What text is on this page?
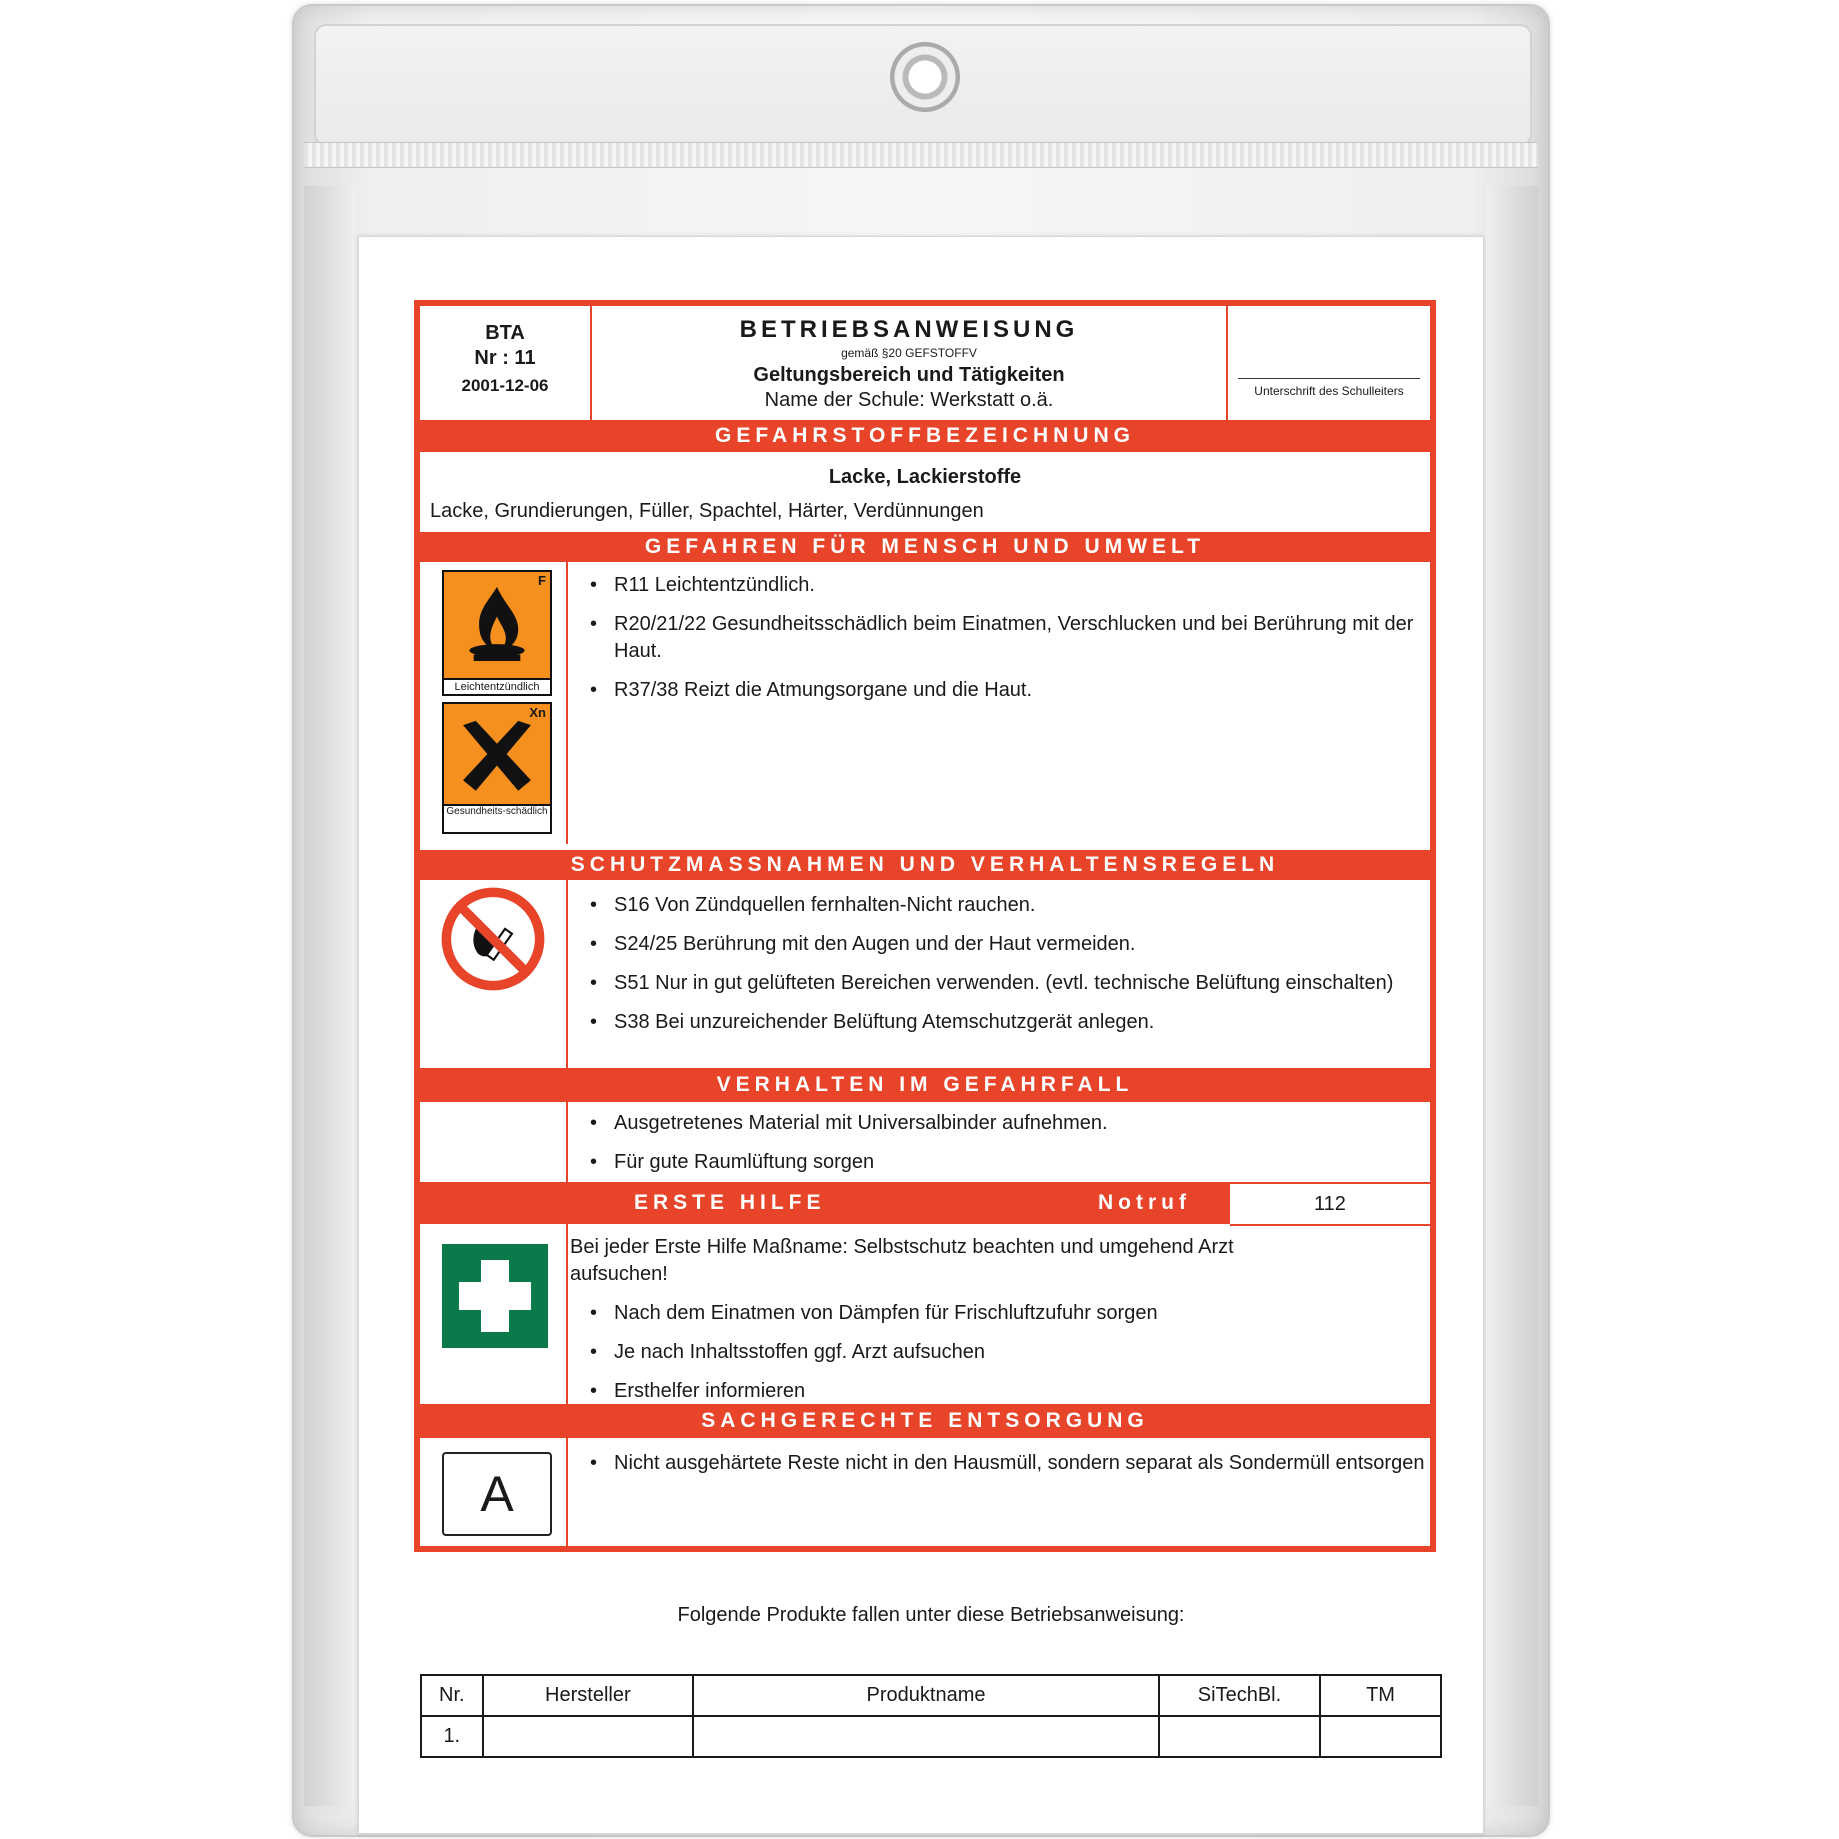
BTA
Nr : 11
2001-12-06
BETRIEBSANWEISUNG
gemäß §20 GEFSTOFFV
Geltungsbereich und Tätigkeiten
Name der Schule: Werkstatt o.ä.	Unterschrift des Schulleiters
GEFAHRSTOFFBEZEICHNUNG
Lacke, Lackierstoffe
Lacke, Grundierungen, Füller, Spachtel, Härter, Verdünnungen
GEFAHREN FÜR MENSCH UND UMWELT
F
Leichtentzündlich
Xn
Gesundheits-schädlich
• R11 Leichtentzündlich.
• R20/21/22 Gesundheitsschädlich beim Einatmen, Verschlucken und bei Berührung mit der Haut.
• R37/38 Reizt die Atmungsorgane und die Haut.
SCHUTZMASSNAHMEN UND VERHALTENSREGELN
• S16 Von Zündquellen fernhalten-Nicht rauchen.
• S24/25 Berührung mit den Augen und der Haut vermeiden.
• S51 Nur in gut gelüfteten Bereichen verwenden. (evtl. technische Belüftung einschalten)
• S38 Bei unzureichender Belüftung Atemschutzgerät anlegen.
VERHALTEN IM GEFAHRFALL
• Ausgetretenes Material mit Universalbinder aufnehmen.
• Für gute Raumlüftung sorgen
ERSTE HILFE	Notruf	112
Bei jeder Erste Hilfe Maßname: Selbstschutz beachten und umgehend Arzt aufsuchen!
• Nach dem Einatmen von Dämpfen für Frischluftzufuhr sorgen
• Je nach Inhaltsstoffen ggf. Arzt aufsuchen
• Ersthelfer informieren
SACHGERECHTE ENTSORGUNG
A
• Nicht ausgehärtete Reste nicht in den Hausmüll, sondern separat als Sondermüll entsorgen
Folgende Produkte fallen unter diese Betriebsanweisung:
Nr.	Hersteller	Produktname	SiTechBl.	TM
1.				
